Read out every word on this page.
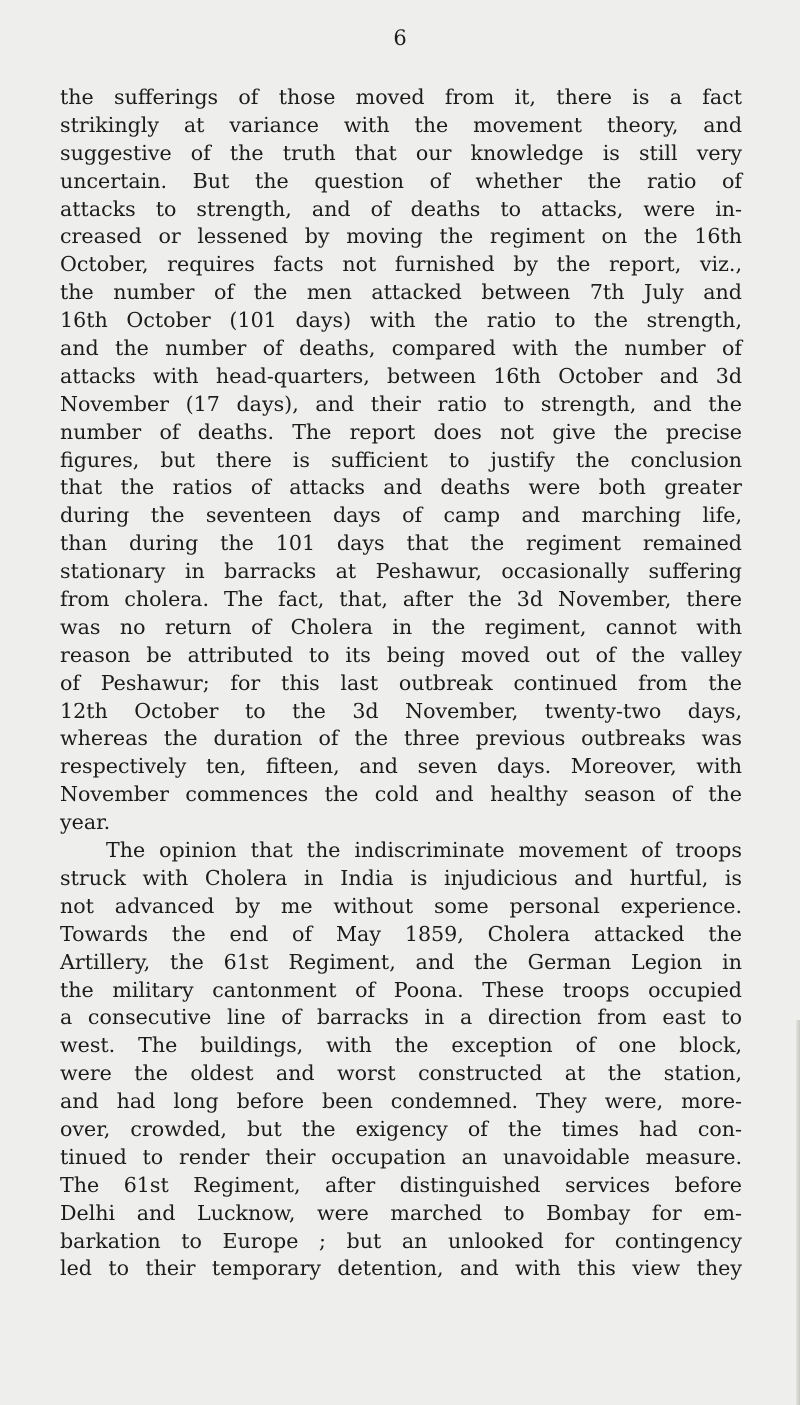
6
the sufferings of those moved from it, there is a fact
strikingly at variance with the movement theory, and
suggestive of the truth that our knowledge is still very
uncertain. But the question of whether the ratio of
attacks to strength, and of deaths to attacks, were in-
creased or lessened by moving the regiment on the 16th
October, requires facts not furnished by the report, viz.,
the number of the men attacked between 7th July and
16th October (101 days) with the ratio to the strength,
and the number of deaths, compared with the number of
attacks with head-quarters, between 16th October and 3d
November (17 days), and their ratio to strength, and the
number of deaths. The report does not give the precise
figures, but there is sufficient to justify the conclusion
that the ratios of attacks and deaths were both greater
during the seventeen days of camp and marching life,
than during the 101 days that the regiment remained
stationary in barracks at Peshawur, occasionally suffering
from cholera. The fact, that, after the 3d November, there
was no return of Cholera in the regiment, cannot with
reason be attributed to its being moved out of the valley
of Peshawur; for this last outbreak continued from the
12th October to the 3d November, twenty-two days,
whereas the duration of the three previous outbreaks was
respectively ten, fifteen, and seven days. Moreover, with
November commences the cold and healthy season of the
year.
The opinion that the indiscriminate movement of troops
struck with Cholera in India is injudicious and hurtful, is
not advanced by me without some personal experience.
Towards the end of May 1859, Cholera attacked the
Artillery, the 61st Regiment, and the German Legion in
the military cantonment of Poona. These troops occupied
a consecutive line of barracks in a direction from east to
west. The buildings, with the exception of one block,
were the oldest and worst constructed at the station,
and had long before been condemned. They were, more-
over, crowded, but the exigency of the times had con-
tinued to render their occupation an unavoidable measure.
The 61st Regiment, after distinguished services before
Delhi and Lucknow, were marched to Bombay for em-
barkation to Europe ; but an unlooked for contingency
led to their temporary detention, and with this view they
